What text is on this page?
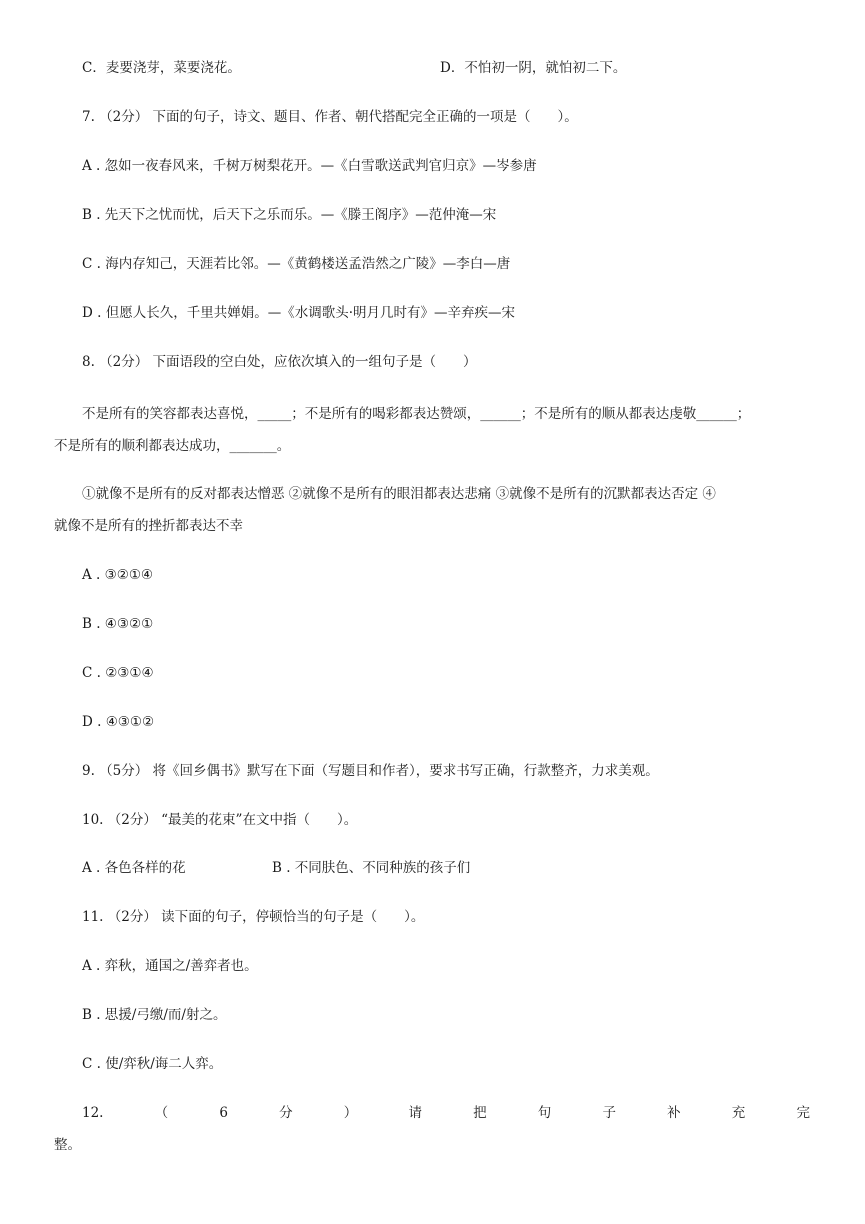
C．麦要浇芽，菜要浇花。	D．不怕初一阴，就怕初二下。
7. （2分） 下面的句子，诗文、题目、作者、朝代搭配完全正确的一项是（　　）。
A . 忽如一夜春风来，千树万树梨花开。—《白雪歌送武判官归京》—岑参唐
B . 先天下之忧而忧，后天下之乐而乐。—《滕王阁序》—范仲淹—宋
C . 海内存知己，天涯若比邻。—《黄鹤楼送孟浩然之广陵》—李白—唐
D . 但愿人长久，千里共婵娟。—《水调歌头·明月几时有》—辛弃疾—宋
8. （2分） 下面语段的空白处，应依次填入的一组句子是（　　）
不是所有的笑容都表达喜悦，_____；不是所有的喝彩都表达赞颂，______；不是所有的顺从都表达虔敬______；
不是所有的顺利都表达成功，_______。
①就像不是所有的反对都表达憎恶 ②就像不是所有的眼泪都表达悲痛 ③就像不是所有的沉默都表达否定 ④
就像不是所有的挫折都表达不幸
A . ③②①④
B . ④③②①
C . ②③①④
D . ④③①②
9. （5分） 将《回乡偶书》默写在下面（写题目和作者），要求书写正确，行款整齐，力求美观。
10. （2分） “最美的花束”在文中指（　　）。
A . 各色各样的花	B . 不同肤色、不同种族的孩子们
11. （2分） 读下面的句子，停顿恰当的句子是（　　）。
A . 弈秋，通国之/善弈者也。
B . 思援/弓缴/而/射之。
C . 使/弈秋/诲二人弈。
12.	（	6	分	）	请	把	句	子	补	充	完
整。
